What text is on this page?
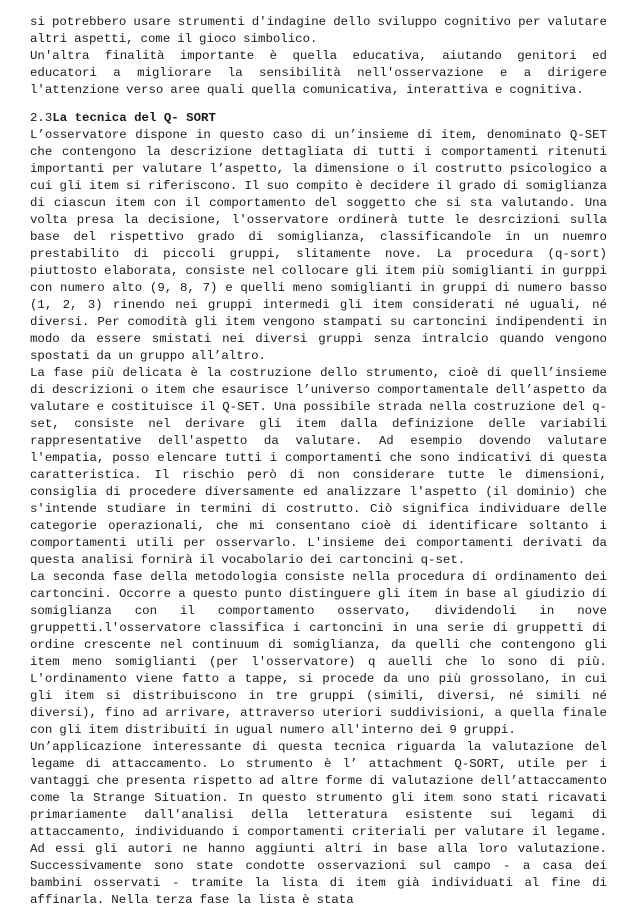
si potrebbero usare strumenti d'indagine dello sviluppo cognitivo per valutare altri aspetti, come il gioco simbolico.

Un'altra finalità importante è quella educativa, aiutando genitori ed educatori a migliorare la sensibilità nell'osservazione e a dirigere l'attenzione verso aree quali quella comunicativa, interattiva e cognitiva.

2.3La tecnica del Q- SORT

L’osservatore dispone in questo caso di un’insieme di item, denominato Q-SET che contengono la descrizione dettagliata di tutti i comportamenti ritenuti importanti per valutare l’aspetto, la dimensione o il costrutto psicologico a cui gli item si riferiscono. Il suo compito è decidere il grado di somiglianza di ciascun item con il comportamento del soggetto che si sta valutando. Una volta presa la decisione, l'osservatore ordinerà tutte le desrcizioni sulla base del rispettivo grado di somiglianza, classificandole in un nuemro prestabilito di piccoli gruppi, slitamente nove. La procedura (q-sort) piuttosto elaborata, consiste nel collocare gli item più somiglianti in gurppi con numero alto (9, 8, 7) e quelli meno somiglianti in gruppi di numero basso (1, 2, 3) rinendo nei gruppi intermedi gli item considerati né uguali, né diversi. Per comodità gli item vengono stampati su cartoncini indipendenti in modo da essere smistati nei diversi gruppi senza intralcio quando vengono spostati da un gruppo all’altro.

La fase più delicata è la costruzione dello strumento, cioè di quell’insieme di descrizioni o item che esaurisce l’universo comportamentale dell’aspetto da valutare e costituisce il Q-SET. Una possibile strada nella costruzione del q-set, consiste nel derivare gli item dalla definizione delle variabili rappresentative dell'aspetto da valutare. Ad esempio dovendo valutare l'empatia, posso elencare tutti i comportamenti che sono indicativi di questa caratteristica. Il rischio però di non considerare tutte le dimensioni, consiglia di procedere diversamente ed analizzare l'aspetto (il dominio) che s'intende studiare in termini di costrutto. Ciò significa individuare delle categorie operazionali, che mi consentano cioè di identificare soltanto i comportamenti utili per osservarlo. L'insieme dei comportamenti derivati da questa analisi fornirà il vocabolario dei cartoncini q-set.

La seconda fase della metodologia consiste nella procedura di ordinamento dei cartoncini. Occorre a questo punto distinguere gli item in base al giudizio di somiglianza con il comportamento osservato, dividendoli in nove gruppetti.l'osservatore classifica i cartoncini in una serie di gruppetti di ordine crescente nel continuum di somiglianza, da quelli che contengono gli item meno somiglianti (per l'osservatore) q auelli che lo sono di più. L'ordinamento viene fatto a tappe, si procede da uno più grossolano, in cui gli item si distribuiscono in tre gruppi (simili, diversi, né simili né diversi), fino ad arrivare, attraverso uteriori suddivisioni, a quella finale con gli item distribuiti in ugual numero all'interno dei 9 gruppi.

Un’applicazione interessante di questa tecnica riguarda la valutazione del legame di attaccamento. Lo strumento è l’ attachment Q-SORT, utile per i vantaggi che presenta rispetto ad altre forme di valutazione dell’attaccamento come la Strange Situation. In questo strumento gli item sono stati ricavati primariamente dall'analisi della letteratura esistente sui legami di attaccamento, individuando i comportamenti criteriali per valutare il legame. Ad essi gli autori ne hanno aggiunti altri in base alla loro valutazione. Successivamente sono state condotte osservazioni sul campo - a casa dei bambini osservati - tramite la lista di item già individuati al fine di affinarla. Nella terza fase la lista è stata
